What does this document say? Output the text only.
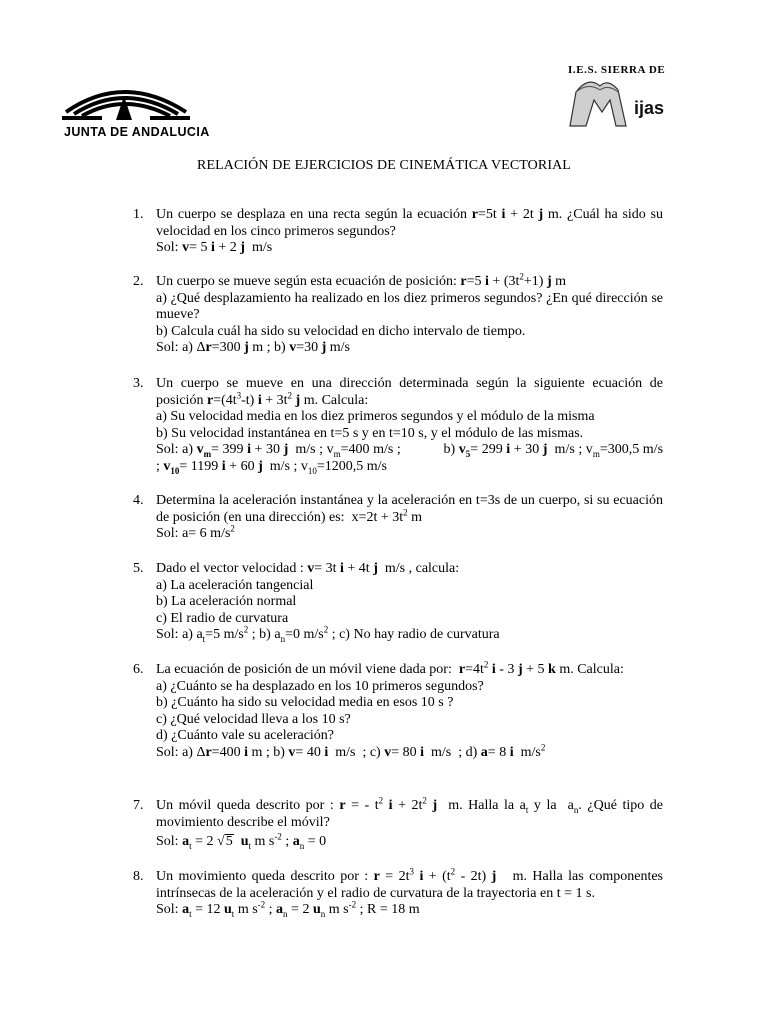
JUNTA DE ANDALUCIA
I.E.S. SIERRA DE
ijas
RELACIÓN DE EJERCICIOS DE CINEMÁTICA VECTORIAL
1. Un cuerpo se desplaza en una recta según la ecuación r=5t i + 2t j m. ¿Cuál ha sido su velocidad en los cinco primeros segundos?

Sol: v= 5 i + 2 j  m/s

2. Un cuerpo se mueve según esta ecuación de posición: r=5 $i + (3t^2+1)$ j m

a) ¿Qué desplazamiento ha realizado en los diez primeros segundos? ¿En qué dirección se mueve?

b) Calcula cuál ha sido su velocidad en dicho intervalo de tiempo.

Sol: a) Δr=300 j m ; b) v=30 j m/s

3. Un cuerpo se mueve en una dirección determinada según la siguiente ecuación de posición $r=(4t^3-t) i + 3t^2$ j m. Calcula:

a) Su velocidad media en los diez primeros segundos y el módulo de la misma

b) Su velocidad instantánea en t=5 s y en t=10 s, y el módulo de las mismas.

Sol: a) $v_m= 399$ i + 30 j  m/s ; $v_m=400$ m/s ;            b) $v_5= 299$ i + 30 j  m/s ; $v_m=300,5$ m/s ; $v_{10}= 1199$ i + 60 j  m/s ; $v_{10}=1200,5$ m/s

4. Determina la aceleración instantánea y la aceleración en t=3s de un cuerpo, si su ecuación de posición (en una dirección) es:  $x=2t + 3t^2$ m

Sol: a= 6 $m/s^2$

5. Dado el vector velocidad : v= 3t i + 4t j  m/s , calcula:

a) La aceleración tangencial

b) La aceleración normal

c) El radio de curvatura

Sol: a) $a_t=5$ $m/s^2$ ; b) $a_n=0$ $m/s^2$ ; c) No hay radio de curvatura

6. La ecuación de posición de un móvil viene dada por:  $r=4t^2$ i - 3 j + 5 k m. Calcula:

a) ¿Cuánto se ha desplazado en los 10 primeros segundos?

b) ¿Cuánto ha sido su velocidad media en esos 10 s ?

c) ¿Qué velocidad lleva a los 10 s?

d) ¿Cuánto vale su aceleración?

Sol: a) Δr=400 i m ; b) v= 40 i  m/s  ; c) v= 80 i  m/s  ; d) a= 8 i  $m/s^2$

7. Un móvil queda descrito por : r = - $t^2$ $i + 2t^2$ j  m. Halla la $a_t$ y la  $a_n$. ¿Qué tipo de movimiento describe el móvil?

Sol: $a_t = 2$ √5 $u_t$ m $s^{-2}$ ; $a_n = 0$

8. Un movimiento queda descrito por : $r = 2t^3$ $i + (t^2 - 2t)$ j   m. Halla las componentes intrínsecas de la aceleración y el radio de curvatura de la trayectoria en t = 1 s.

Sol: $a_t = 12$ $u_t$ m $s^{-2}$ ; $a_n = 2$ $u_n$ m $s^{-2}$ ; R = 18 m
